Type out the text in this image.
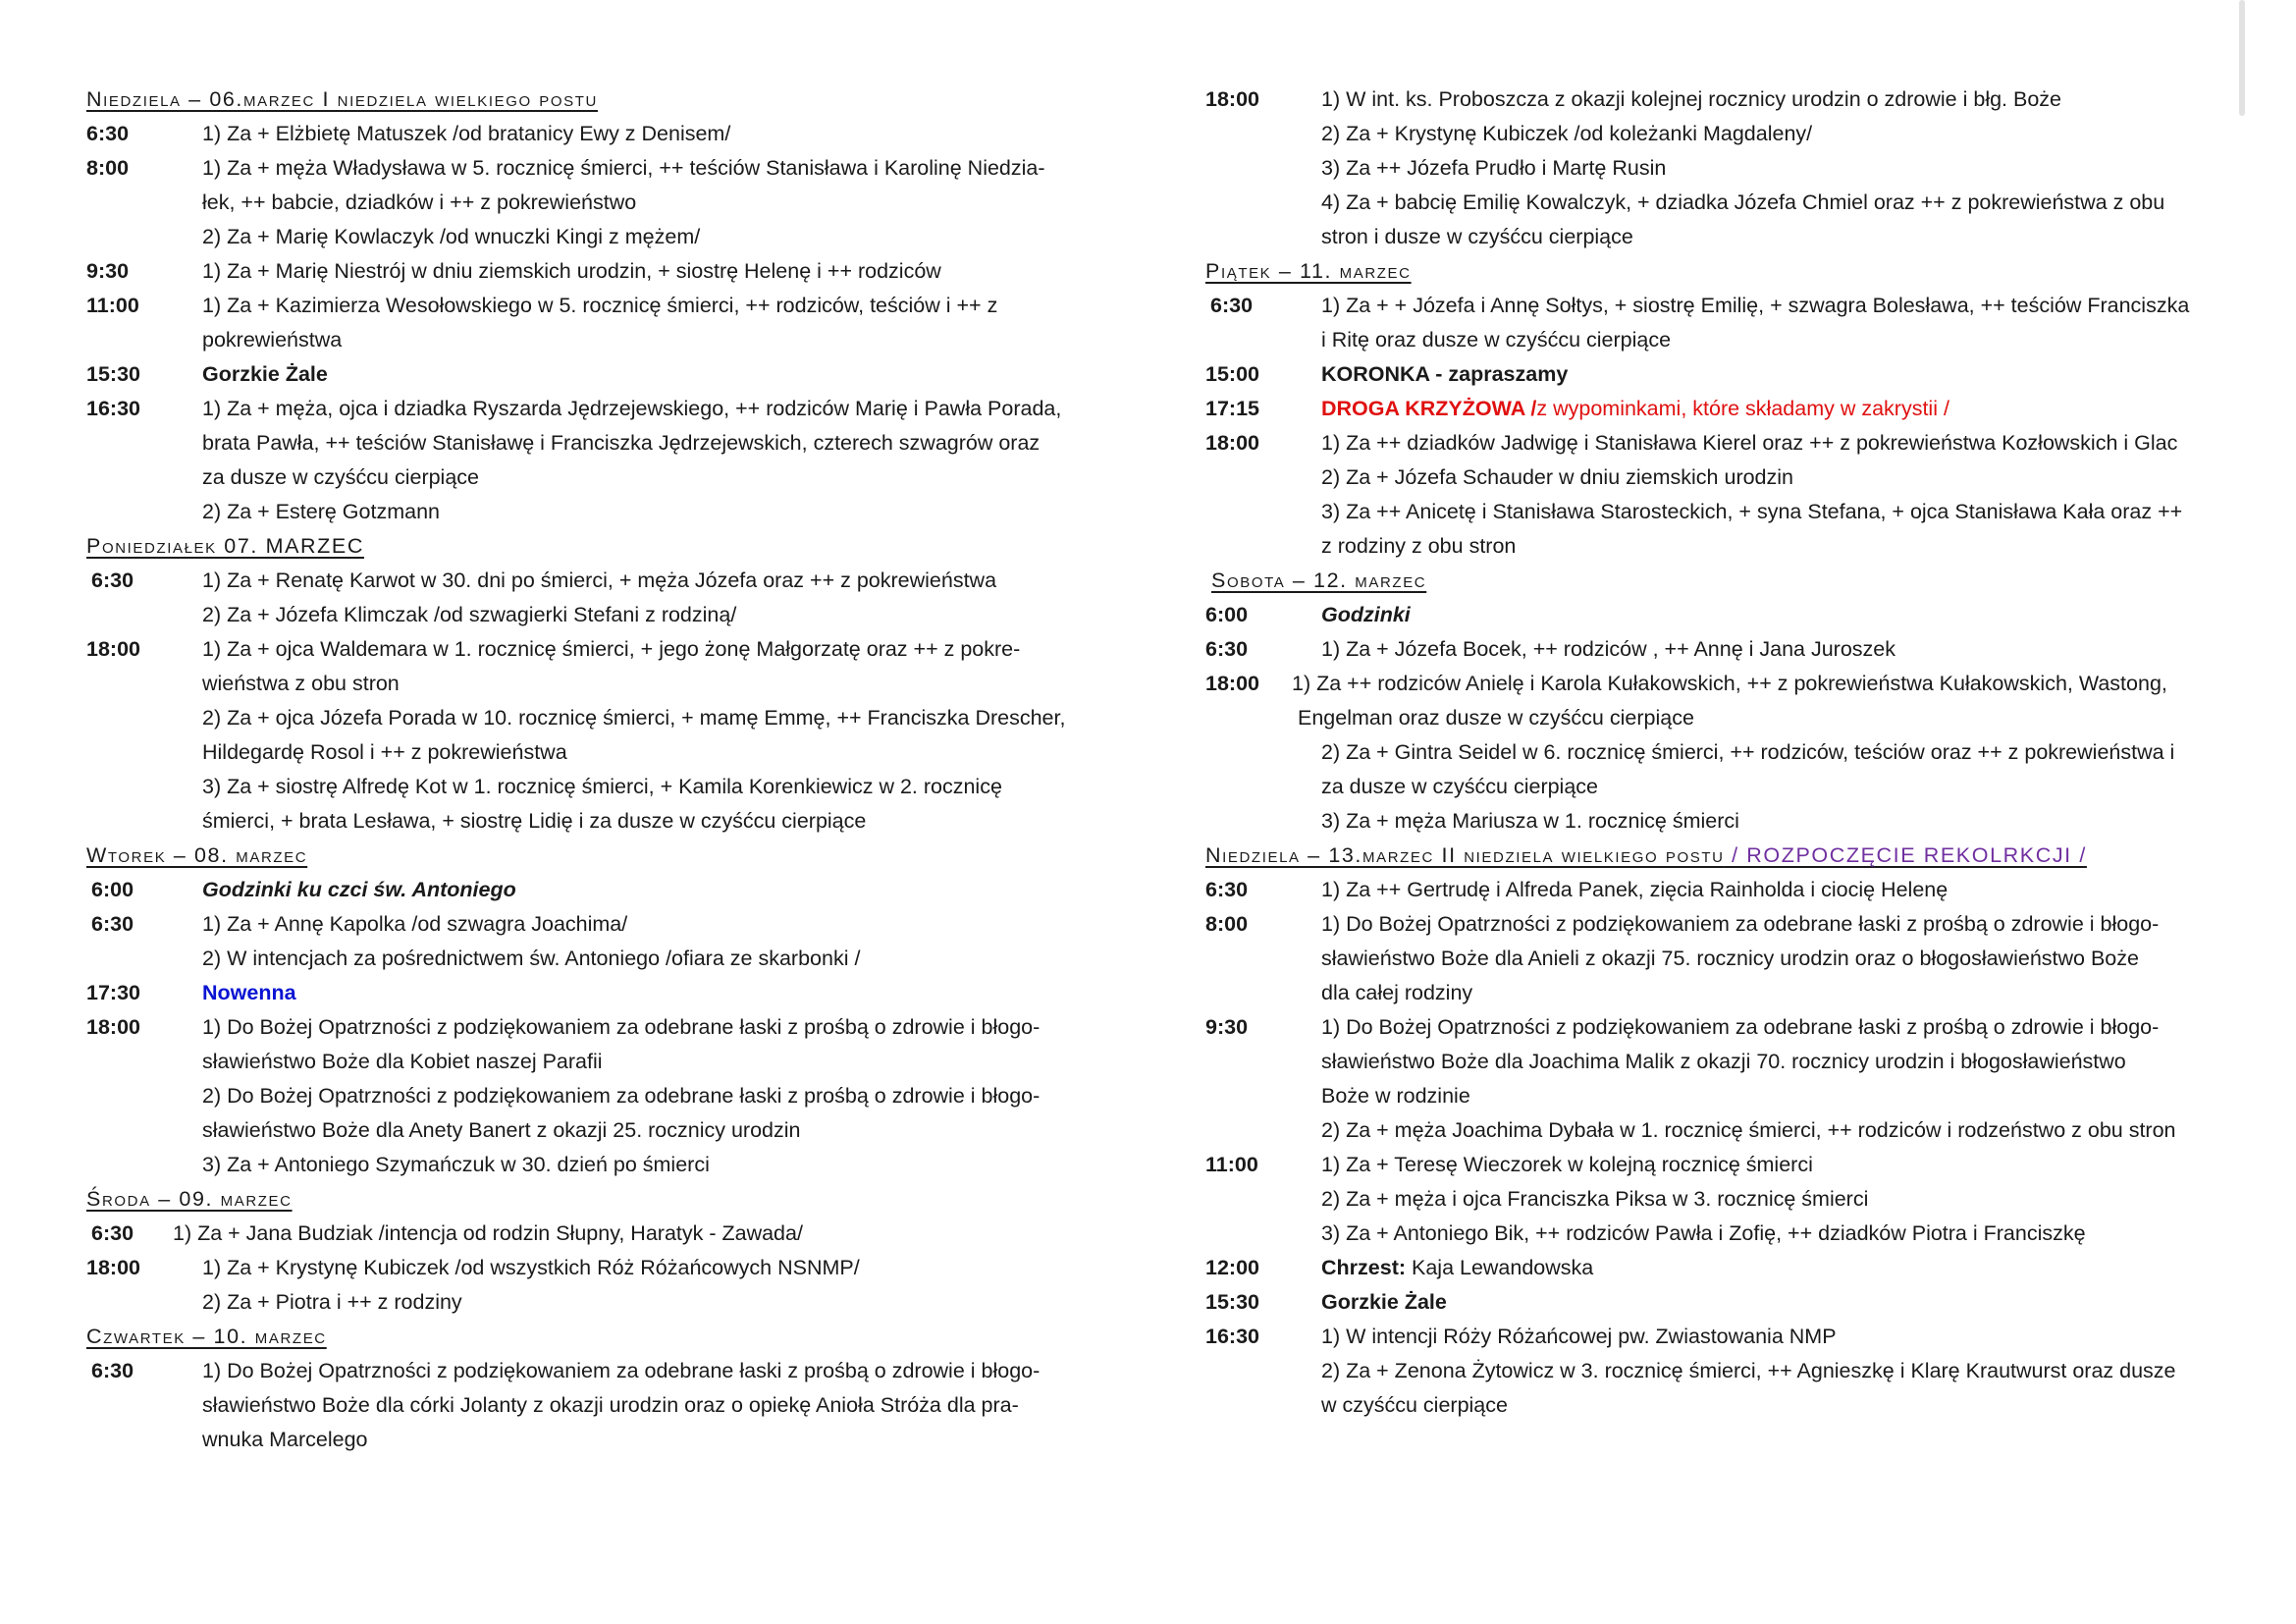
Niedziela – 06.marzec I niedziela wielkiego postu
6:30	1) Za + Elżbietę Matuszek /od bratanicy Ewy z Denisem/
8:00	1) Za + męża Władysława w 5. rocznicę śmierci, ++ teściów Stanisława i Karolinę Niedzia-
łek, ++ babcie, dziadków i ++ z pokrewieństwo
2) Za + Marię Kowlaczyk /od wnuczki Kingi z mężem/
9:30	1) Za + Marię Niestrój w dniu ziemskich urodzin, + siostrę Helenę i ++ rodziców
11:00	1) Za + Kazimierza Wesołowskiego w 5. rocznicę śmierci, ++ rodziców, teściów i ++ z
pokrewieństwa
15:30	Gorzkie Żale
16:30	1) Za + męża, ojca i dziadka Ryszarda Jędrzejewskiego, ++ rodziców Marię i Pawła Porada,
brata Pawła, ++ teściów Stanisławę i Franciszka Jędrzejewskich, czterech szwagrów oraz
za dusze w czyśćcu cierpiące
2) Za + Esterę Gotzmann
Poniedziałek 07. MARZEC
6:30	1) Za + Renatę Karwot w 30. dni po śmierci, + męża Józefa oraz ++ z pokrewieństwa
2) Za + Józefa Klimczak /od szwagierki Stefani z rodziną/
18:00	1) Za + ojca Waldemara w 1. rocznicę śmierci, + jego żonę Małgorzatę oraz ++ z pokre-
wieństwa z obu stron
2) Za + ojca Józefa Porada w 10. rocznicę śmierci, + mamę Emmę, ++ Franciszka Drescher,
Hildegardę Rosol i ++ z pokrewieństwa
3) Za + siostrę Alfredę Kot w 1. rocznicę śmierci, + Kamila Korenkiewicz w 2. rocznicę
śmierci, + brata Lesława, + siostrę Lidię i za dusze w czyśćcu cierpiące
Wtorek – 08. marzec
6:00	Godzinki ku czci św. Antoniego
6:30	1) Za + Annę Kapolka /od szwagra Joachima/
2) W intencjach za pośrednictwem św. Antoniego /ofiara ze skarbonki /
17:30	Nowenna
18:00	1) Do Bożej Opatrzności z podziękowaniem za odebrane łaski z prośbą o zdrowie i błogo-
sławieństwo Boże dla Kobiet naszej Parafii
2) Do Bożej Opatrzności z podziękowaniem za odebrane łaski z prośbą o zdrowie i błogo-
sławieństwo Boże dla Anety Banert z okazji 25. rocznicy urodzin
3) Za + Antoniego Szymańczuk w 30. dzień po śmierci
Środa – 09. marzec
6:30	1) Za + Jana Budziak /intencja od rodzin Słupny, Haratyk - Zawada/
18:00	1) Za + Krystynę Kubiczek /od wszystkich Róż Różańcowych NSNMP/
2) Za + Piotra i ++ z rodziny
Czwartek – 10. marzec
6:30	1) Do Bożej Opatrzności z podziękowaniem za odebrane łaski z prośbą o zdrowie i błogo-
sławieństwo Boże dla córki Jolanty z okazji urodzin oraz o opiekę Anioła Stróża dla pra-
wnuka Marcelego
18:00	1) W int. ks. Proboszcza z okazji kolejnej rocznicy urodzin o zdrowie i błg. Boże
2) Za + Krystynę Kubiczek /od koleżanki Magdaleny/
3) Za ++ Józefa Prudło i Martę Rusin
4) Za + babcię Emilię Kowalczyk, + dziadka Józefa Chmiel oraz ++ z pokrewieństwa z obu
stron i dusze w czyśćcu cierpiące
Piątek – 11. marzec
6:30	1) Za + + Józefa i Annę Sołtys, + siostrę Emilię, + szwagra Bolesława, ++ teściów Franciszka
i Ritę oraz dusze w czyśćcu cierpiące
15:00	KORONKA - zapraszamy
17:15	DROGA KRZYŻOWA /z wypominkami, które składamy w zakrystii /
18:00	1) Za ++ dziadków Jadwigę i Stanisława Kierel oraz ++ z pokrewieństwa Kozłowskich i Glac
2) Za + Józefa Schauder w dniu ziemskich urodzin
3) Za ++ Anicetę i Stanisława Starosteckich, + syna Stefana, + ojca Stanisława Kała oraz ++
z rodziny z obu stron
Sobota – 12. marzec
6:00	Godzinki
6:30	1) Za + Józefa Bocek, ++ rodziców , ++ Annę i Jana Juroszek
18:00	1) Za ++ rodziców Anielę i Karola Kułakowskich, ++ z pokrewieństwa Kułakowskich, Wastong,
Engelman oraz dusze w czyśćcu cierpiące
2) Za + Gintra Seidel w 6. rocznicę śmierci, ++ rodziców, teściów oraz ++ z pokrewieństwa i
za dusze w czyśćcu cierpiące
3) Za + męża Mariusza w 1. rocznicę śmierci
Niedziela – 13.marzec II niedziela wielkiego postu / ROZPOCZĘCIE REKOLRKCJI /
6:30	1) Za ++ Gertrudę i Alfreda Panek, zięcia Rainholda i ciocię Helenę
8:00	1) Do Bożej Opatrzności z podziękowaniem za odebrane łaski z prośbą o zdrowie i błogo-
sławieństwo Boże dla Anieli z okazji 75. rocznicy urodzin oraz o błogosławieństwo Boże
dla całej rodziny
9:30	1) Do Bożej Opatrzności z podziękowaniem za odebrane łaski z prośbą o zdrowie i błogo-
sławieństwo Boże dla Joachima Malik z okazji 70. rocznicy urodzin i błogosławieństwo
Boże w rodzinie
2) Za + męża Joachima Dybała w 1. rocznicę śmierci, ++ rodziców i rodzeństwo z obu stron
11:00	1) Za + Teresę Wieczorek w kolejną rocznicę śmierci
2) Za + męża i ojca Franciszka Piksa w 3. rocznicę śmierci
3) Za + Antoniego Bik, ++ rodziców Pawła i Zofię, ++ dziadków Piotra i Franciszkę
12:00	Chrzest: Kaja Lewandowska
15:30	Gorzkie Żale
16:30	1) W intencji Róży Różańcowej pw. Zwiastowania NMP
2) Za + Zenona Żytowicz w 3. rocznicę śmierci, ++ Agnieszkę i Klarę Krautwurst oraz dusze
w czyśćcu cierpiące
